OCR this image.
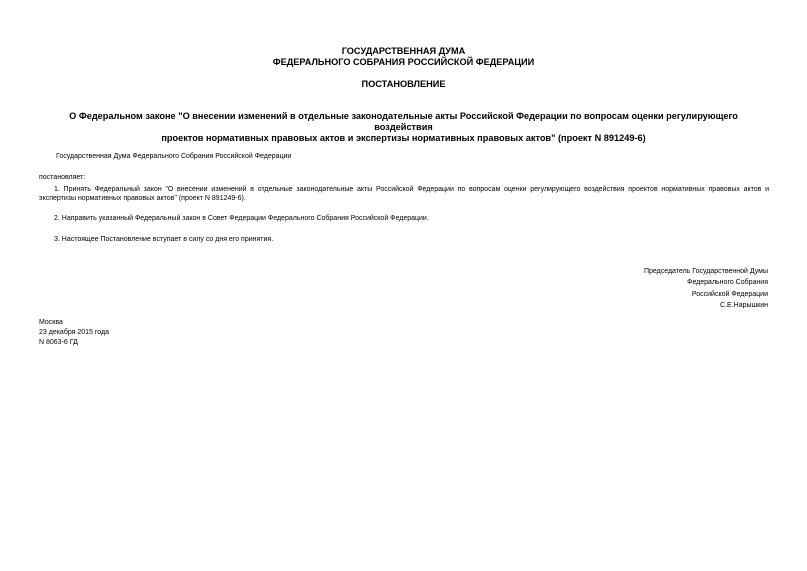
ГОСУДАРСТВЕННАЯ ДУМА
ФЕДЕРАЛЬНОГО СОБРАНИЯ РОССИЙСКОЙ ФЕДЕРАЦИИ
ПОСТАНОВЛЕНИЕ
О Федеральном законе "О внесении изменений в отдельные законодательные акты Российской Федерации по вопросам оценки регулирующего воздействия
проектов нормативных правовых актов и экспертизы нормативных правовых актов" (проект N 891249-6)
Государственная Дума Федерального Собрания Российской Федерации
постановляет:
1. Принять Федеральный закон "О внесении изменений в отдельные законодательные акты Российской Федерации по вопросам оценки регулирующего воздействия проектов нормативных правовых актов и экспертизы нормативных правовых актов" (проект N 891249-6).
2. Направить указанный Федеральный закон в Совет Федерации Федерального Собрания Российской Федерации.
3. Настоящее Постановление вступает в силу со дня его принятия.
Председатель Государственной Думы
Федерального Собрания
Российской Федерации
С.Е.Нарышкин
Москва
23 декабря 2015 года
N 8063-6 ГД
